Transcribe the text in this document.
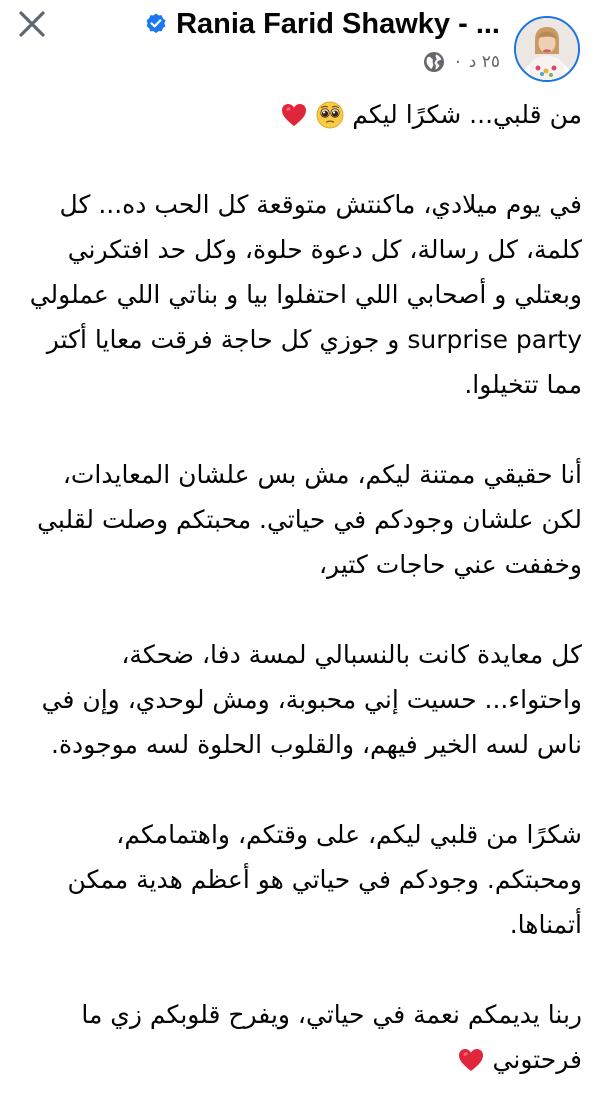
Rania Farid Shawky - ...
· ٢٥ د

من قلبي... شكرًا ليكم

في يوم ميلادي، ماكنتش متوقعة كل الحب ده... كل كلمة، كل رسالة، كل دعوة حلوة، وكل حد افتكرني وبعتلي و أصحابي اللي احتفلوا بيا و بناتي اللي عملولي surprise party و جوزي كل حاجة فرقت معايا أكتر مما تتخيلوا.

أنا حقيقي ممتنة ليكم، مش بس علشان المعايدات، لكن علشان وجودكم في حياتي. محبتكم وصلت لقلبي وخففت عني حاجات كتير،

كل معايدة كانت بالنسبالي لمسة دفا، ضحكة، واحتواء... حسيت إني محبوبة، ومش لوحدي، وإن في ناس لسه الخير فيهم، والقلوب الحلوة لسه موجودة.

شكرًا من قلبي ليكم، على وقتكم، واهتمامكم، ومحبتكم. وجودكم في حياتي هو أعظم هدية ممكن أتمناها.

ربنا يديمكم نعمة في حياتي، ويفرح قلوبكم زي ما فرحتوني
